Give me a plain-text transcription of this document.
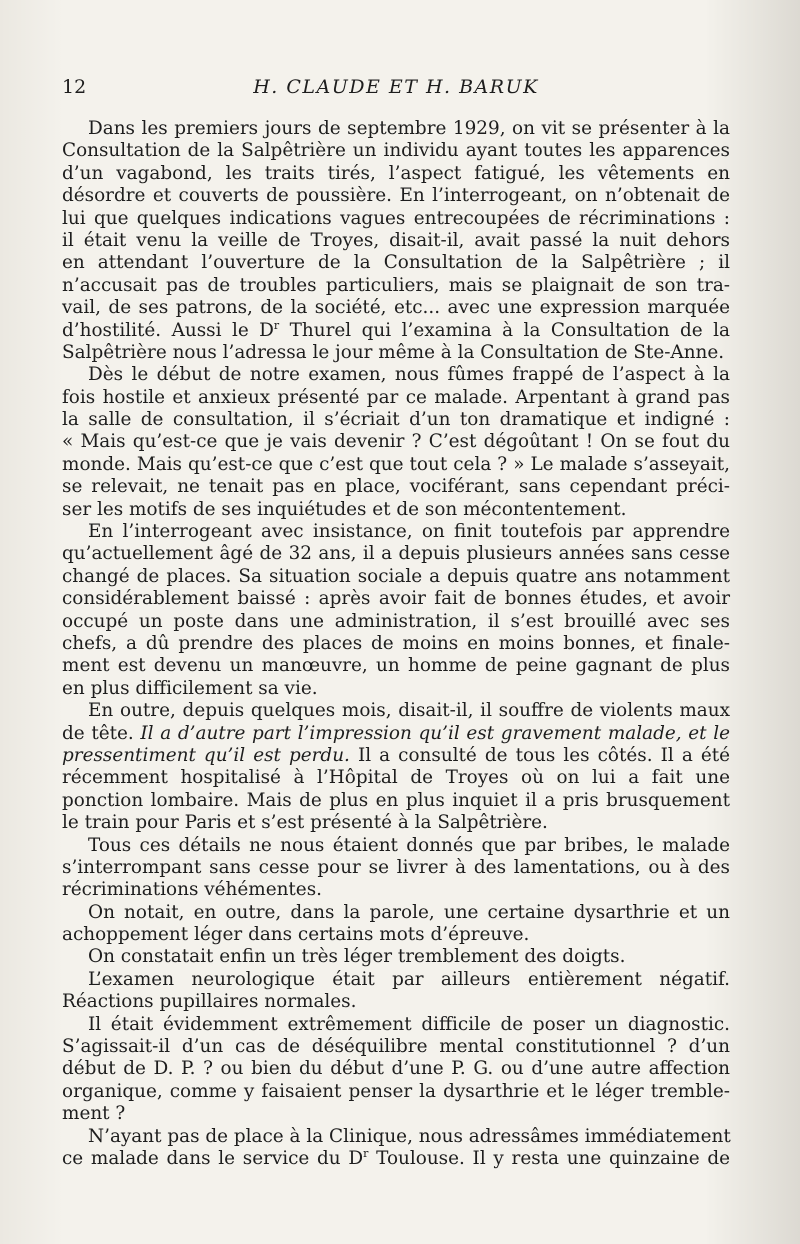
12	H. CLAUDE ET H. BARUK
Dans les premiers jours de septembre 1929, on vit se présenter à la
Consultation de la Salpêtrière un individu ayant toutes les apparences
d’un vagabond, les traits tirés, l’aspect fatigué, les vêtements en
désordre et couverts de poussière. En l’interrogeant, on n’obtenait de
lui que quelques indications vagues entrecoupées de récriminations :
il était venu la veille de Troyes, disait-il, avait passé la nuit dehors
en attendant l’ouverture de la Consultation de la Salpêtrière ; il
n’accusait pas de troubles particuliers, mais se plaignait de son tra-
vail, de ses patrons, de la société, etc... avec une expression marquée
d’hostilité. Aussi le $D^r$ Thurel qui l’examina à la Consultation de la
Salpêtrière nous l’adressa le jour même à la Consultation de Ste-Anne.
Dès le début de notre examen, nous fûmes frappé de l’aspect à la
fois hostile et anxieux présenté par ce malade. Arpentant à grand pas
la salle de consultation, il s’écriait d’un ton dramatique et indigné :
« Mais qu’est-ce que je vais devenir ? C’est dégoûtant ! On se fout du
monde. Mais qu’est-ce que c’est que tout cela ? » Le malade s’asseyait,
se relevait, ne tenait pas en place, vociférant, sans cependant préci-
ser les motifs de ses inquiétudes et de son mécontentement.
En l’interrogeant avec insistance, on finit toutefois par apprendre
qu’actuellement âgé de 32 ans, il a depuis plusieurs années sans cesse
changé de places. Sa situation sociale a depuis quatre ans notamment
considérablement baissé : après avoir fait de bonnes études, et avoir
occupé un poste dans une administration, il s’est brouillé avec ses
chefs, a dû prendre des places de moins en moins bonnes, et finale-
ment est devenu un manœuvre, un homme de peine gagnant de plus
en plus difficilement sa vie.
En outre, depuis quelques mois, disait-il, il souffre de violents maux
de tête. Il a d’autre part l’impression qu’il est gravement malade, et le
pressentiment qu’il est perdu. Il a consulté de tous les côtés. Il a été
récemment hospitalisé à l’Hôpital de Troyes où on lui a fait une
ponction lombaire. Mais de plus en plus inquiet il a pris brusquement
le train pour Paris et s’est présenté à la Salpêtrière.
Tous ces détails ne nous étaient donnés que par bribes, le malade
s’interrompant sans cesse pour se livrer à des lamentations, ou à des
récriminations véhémentes.
On notait, en outre, dans la parole, une certaine dysarthrie et un
achoppement léger dans certains mots d’épreuve.
On constatait enfin un très léger tremblement des doigts.
L’examen neurologique était par ailleurs entièrement négatif.
Réactions pupillaires normales.
Il était évidemment extrêmement difficile de poser un diagnostic.
S’agissait-il d’un cas de déséquilibre mental constitutionnel ? d’un
début de D. P. ? ou bien du début d’une P. G. ou d’une autre affection
organique, comme y faisaient penser la dysarthrie et le léger tremble-
ment ?
N’ayant pas de place à la Clinique, nous adressâmes immédiatement
ce malade dans le service du $D^r$ Toulouse. Il y resta une quinzaine de
